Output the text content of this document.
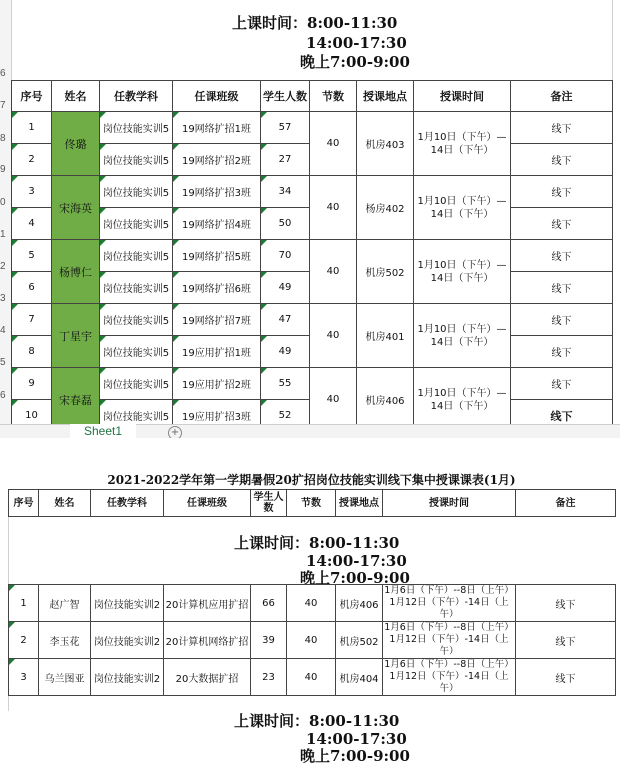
6
7
8
9
0
1
2
3
4
5
6
上课时间：8:00-11:30
14:00-17:30
晚上7:00-9:00
序号	姓名	任教学科	任课班级	学生人数	节数	授课地点	授课时间	备注
1	佟璐	岗位技能实训5	19网络扩招1班	57	40	机房403	1月10日（下午）—14日（下午）	线下
2		岗位技能实训5	19网络扩招2班	27				线下
3	宋海英	岗位技能实训5	19网络扩招3班	34	40	杨房402	1月10日（下午）—14日（下午）	线下
4		岗位技能实训5	19网络扩招4班	50				线下
5	杨博仁	岗位技能实训5	19网络扩招5班	70	40	机房502	1月10日（下午）—14日（下午）	线下
6		岗位技能实训5	19网络扩招6班	49				线下
7	丁星宇	岗位技能实训5	19网络扩招7班	47	40	机房401	1月10日（下午）—14日（下午）	线下
8		岗位技能实训5	19应用扩招1班	49				线下
9	宋春磊	岗位技能实训5	19应用扩招2班	55	40	机房406	1月10日（下午）—14日（下午）	线下
10		岗位技能实训5	19应用扩招3班	52				线下
Sheet1	+
2021-2022学年第一学期暑假20扩招岗位技能实训线下集中授课课表(1月)
序号	姓名	任教学科	任课班级	学生人数	节数	授课地点	授课时间	备注
上课时间：8:00-11:30
14:00-17:30
晚上7:00-9:00
1	赵广智	岗位技能实训2	20计算机应用扩招	66	40	机房406	1月6日（下午）--8日（上午）
1月12日（下午）-14日（上午）	线下
2	李玉花	岗位技能实训2	20计算机网络扩招	39	40	机房502	1月6日（下午）--8日（上午）
1月12日（下午）-14日（上午）	线下
3	乌兰图亚	岗位技能实训2	20大数据扩招	23	40	机房404	1月6日（下午）--8日（上午）
1月12日（下午）-14日（上午）	线下
上课时间：8:00-11:30
14:00-17:30
晚上7:00-9:00
